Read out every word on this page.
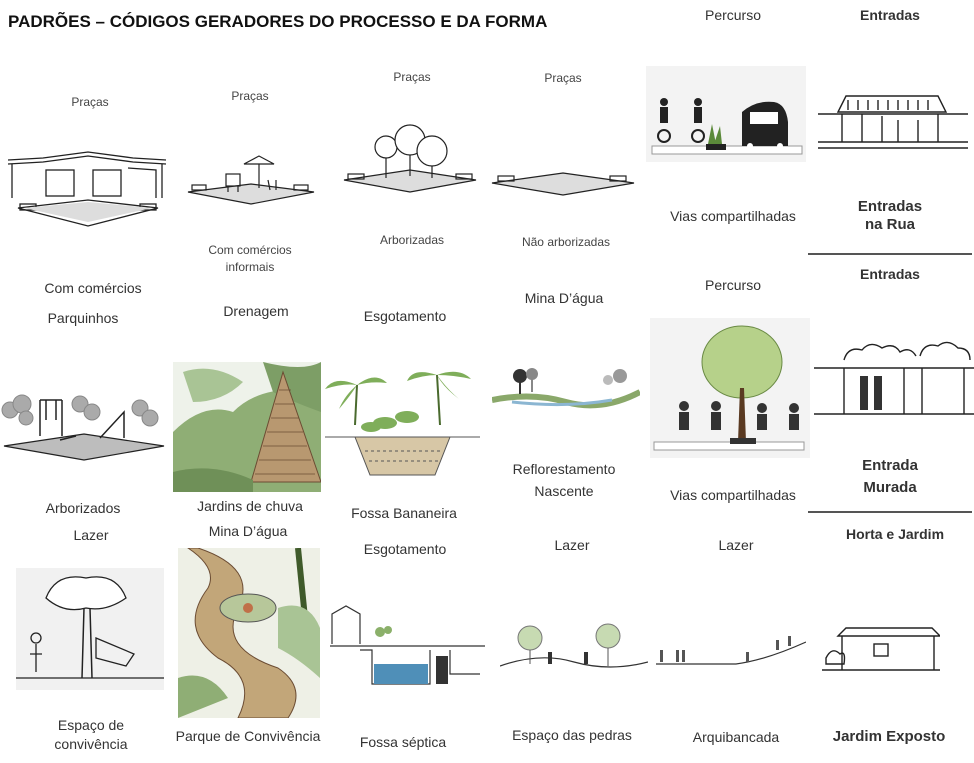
PADRÕES – CÓDIGOS GERADORES DO PROCESSO E DA FORMA
Praças
Com comércios
Praças
Com comércios
informais
Praças
Arborizadas
Praças
Não arborizadas
Percurso
Vias compartilhadas
Entradas
Entradas
na Rua
Parquinhos
Arborizados
Drenagem
Jardins de chuva
Esgotamento
Fossa Bananeira
Mina D’água
Reflorestamento
Nascente
Percurso
Vias compartilhadas
Entradas
Entrada
Murada
Lazer
Espaço de
convivência
Mina D’água
Parque de Convivência
Esgotamento
Fossa séptica
Lazer
Espaço das pedras
Lazer
Arquibancada
Horta e Jardim
Jardim Exposto
